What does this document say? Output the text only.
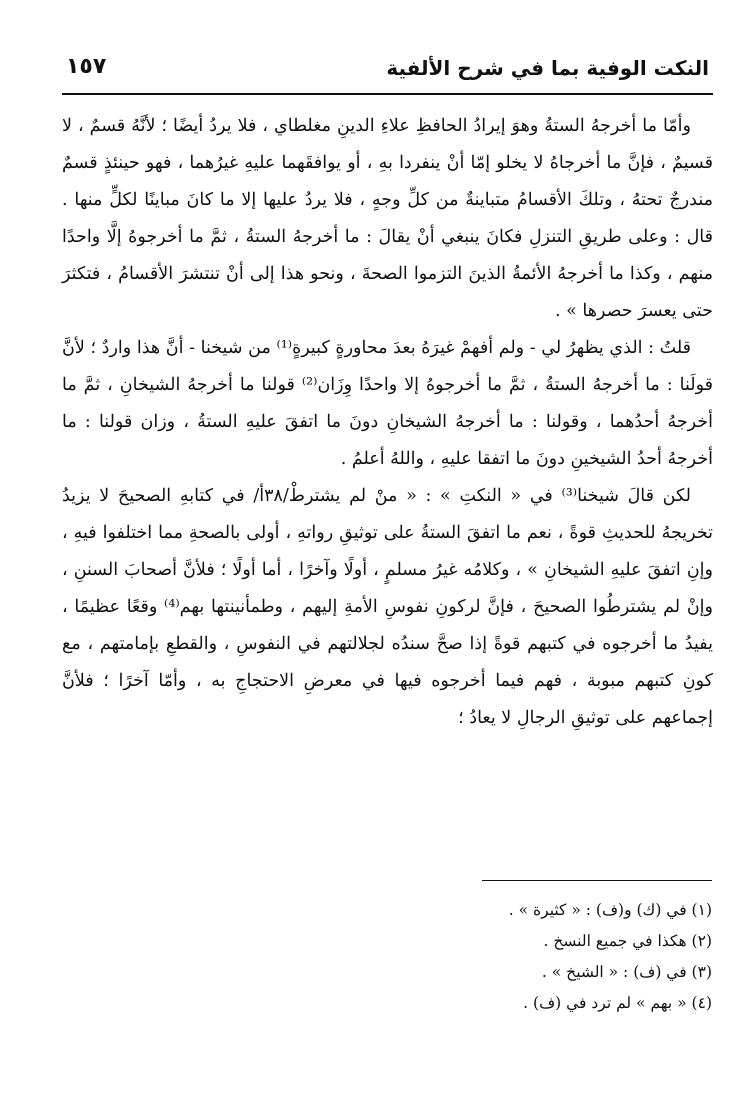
النكت الوفية بما في شرح الألفية
١٥٧

وأمّا ما أخرجهُ الستةُ وهوَ إيرادُ الحافظِ علاءِ الدينِ مغلطاي ، فلا يردُ أيضًا ؛ لأنَّهُ قسمٌ ، لا قسيمٌ ، فإنَّ ما أخرجاهُ لا يخلو إمّا أنْ ينفردا بهِ ، أو يوافقَهما عليهِ غيرُهما ، فهو حينئذٍ قسمٌ مندرجٌ تحتهُ ، وتلكَ الأقسامُ متباينةٌ من كلِّ وجهٍ ، فلا يردُ عليها إلا ما كانَ مباينًا لكلٍّ منها . قال : وعلى طريقِ التنزلِ فكانَ ينبغي أنْ يقالَ : ما أخرجهُ الستةُ ، ثمَّ ما أخرجوهُ إلَّا واحدًا منهم ، وكذا ما أخرجهُ الأئمةُ الذينَ التزموا الصحةَ ، ونحو هذا إلى أنْ تنتشرَ الأقسامُ ، فتكثرَ حتى يعسرَ حصرها » .

قلتُ : الذي يظهرُ لي - ولم أفهمْ غيرَهُ بعدَ محاورةٍ كبيرةٍ⁽¹⁾ من شيخنا - أنَّ هذا واردٌ ؛ لأنَّ قولَنا : ما أخرجهُ الستةُ ، ثمَّ ما أخرجوهُ إلا واحدًا وِزَان⁽²⁾ قولنا ما أخرجهُ الشيخانِ ، ثمَّ ما أخرجهُ أحدُهما ، وقولنا : ما أخرجهُ الشيخانِ دونَ ما اتفقَ عليهِ الستةُ ، وزان قولنا : ما أخرجهُ أحدُ الشيخينِ دونَ ما اتفقا عليهِ ، واللهُ أعلمُ .

لكن قالَ شيخنا⁽³⁾ في « النكتِ » : « منْ لم يشترطْ/٣٨أ/ في كتابهِ الصحيحَ لا يزيدُ تخريجهُ للحديثِ قوةً ، نعم ما اتفقَ الستةُ على توثيقِ رواتهِ ، أولى بالصحةِ مما اختلفوا فيهِ ، وإنِ اتفقَ عليهِ الشيخانِ » ، وكلامُه غيرُ مسلمٍ ، أولًا وآخرًا ، أما أولًا ؛ فلأنَّ أصحابَ السننِ ، وإنْ لم يشترطُوا الصحيحَ ، فإنَّ لركونِ نفوسِ الأمةِ إليهم ، وطمأنينتها بهم⁽⁴⁾ وقعًا عظيمًا ، يفيدُ ما أخرجوه في كتبهم قوةً إذا صحَّ سندُه لجلالتهم في النفوسِ ، والقطعِ بإمامتهم ، مع كونِ كتبهم مبوبة ، فهم فيما أخرجوه فيها في معرضِ الاحتجاجِ به ، وأمّا آخرًا ؛ فلأنَّ إجماعهم على توثيقِ الرجالِ لا يعادُ ؛

(١) في (ك) و(ف) : « كثيرة » .
(٢) هكذا في جميع النسخ .
(٣) في (ف) : « الشيخ » .
(٤) « بهم » لم ترد في (ف) .
